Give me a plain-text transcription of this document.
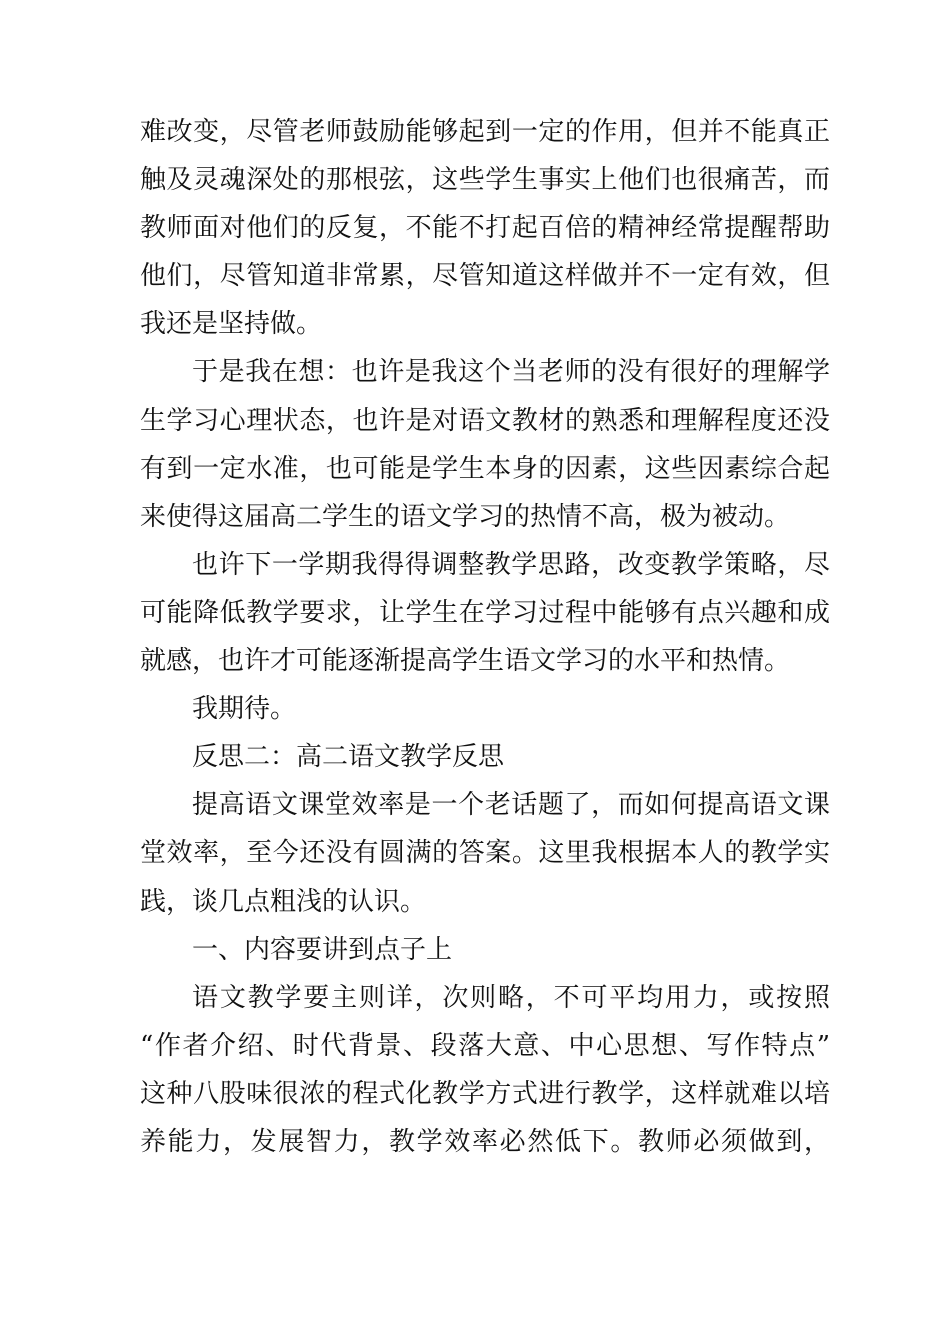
难改变，尽管老师鼓励能够起到一定的作用，但并不能真正
触及灵魂深处的那根弦，这些学生事实上他们也很痛苦，而
教师面对他们的反复，不能不打起百倍的精神经常提醒帮助
他们，尽管知道非常累，尽管知道这样做并不一定有效，但
我还是坚持做。
于是我在想：也许是我这个当老师的没有很好的理解学
生学习心理状态，也许是对语文教材的熟悉和理解程度还没
有到一定水准，也可能是学生本身的因素，这些因素综合起
来使得这届高二学生的语文学习的热情不高，极为被动。
也许下一学期我得得调整教学思路，改变教学策略，尽
可能降低教学要求，让学生在学习过程中能够有点兴趣和成
就感，也许才可能逐渐提高学生语文学习的水平和热情。
我期待。
反思二：高二语文教学反思
提高语文课堂效率是一个老话题了，而如何提高语文课
堂效率，至今还没有圆满的答案。这里我根据本人的教学实
践，谈几点粗浅的认识。
一、内容要讲到点子上
语文教学要主则详，次则略，不可平均用力，或按照
“作者介绍、时代背景、段落大意、中心思想、写作特点”
这种八股味很浓的程式化教学方式进行教学，这样就难以培
养能力，发展智力，教学效率必然低下。教师必须做到，
